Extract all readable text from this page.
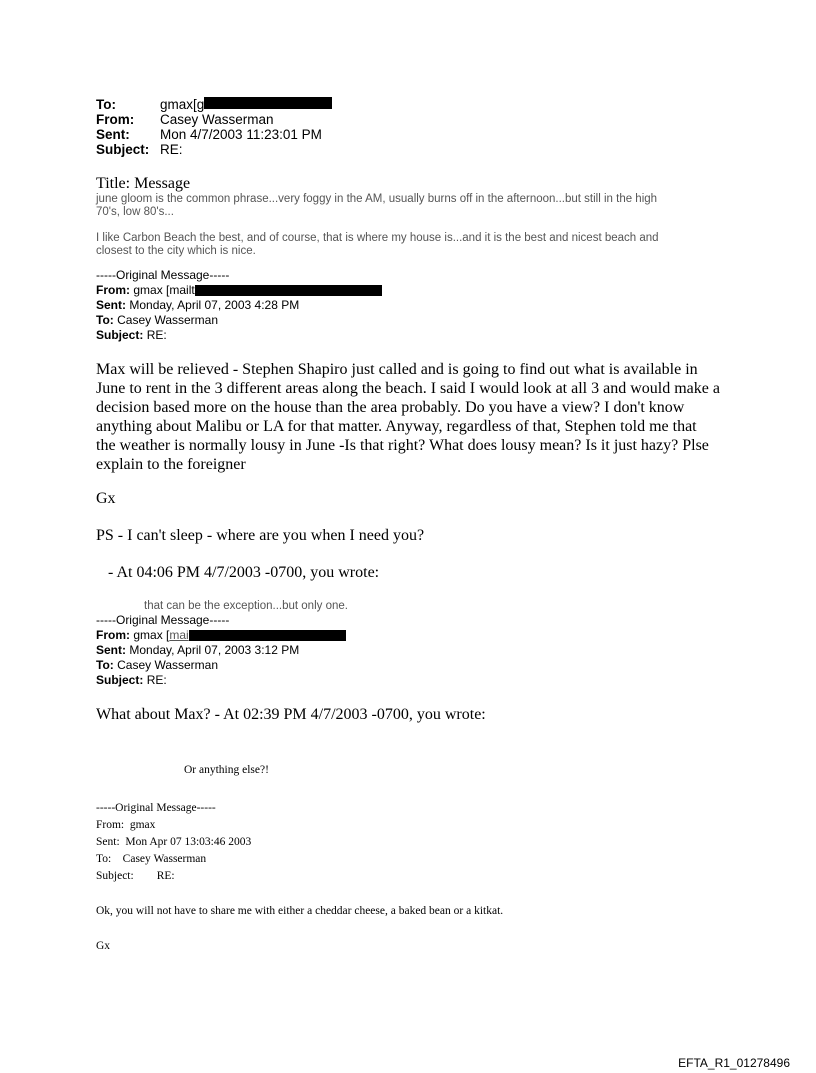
To:	gmax[g
From:	Casey Wasserman
Sent:	Mon 4/7/2003 11:23:01 PM
Subject: RE:
Title: Message
june gloom is the common phrase...very foggy in the AM, usually burns off in the afternoon...but still in the high
70's, low 80's...
I like Carbon Beach the best, and of course, that is where my house is...and it is the best and nicest beach and
closest to the city which is nice.
-----Original Message-----
From: gmax [mailt
Sent: Monday, April 07, 2003 4:28 PM
To: Casey Wasserman
Subject: RE:
Max will be relieved - Stephen Shapiro just called and is going to find out what is available in
June to rent in the 3 different areas along the beach. I said I would look at all 3 and would make a
decision based more on the house than the area probably. Do you have a view? I don't know
anything about Malibu or LA for that matter. Anyway, regardless of that, Stephen told me that
the weather is normally lousy in June -Is that right? What does lousy mean? Is it just hazy? Plse
explain to the foreigner
Gx
PS - I can't sleep - where are you when I need you?
- At 04:06 PM 4/7/2003 -0700, you wrote:
that can be the exception...but only one.
-----Original Message-----
From: gmax [mai
Sent: Monday, April 07, 2003 3:12 PM
To: Casey Wasserman
Subject: RE:
What about Max? - At 02:39 PM 4/7/2003 -0700, you wrote:
Or anything else?!
-----Original Message-----
From:  gmax
Sent:  Mon Apr 07 13:03:46 2003
To:    Casey Wasserman
Subject:        RE:
Ok, you will not have to share me with either a cheddar cheese, a baked bean or a kitkat.
Gx
EFTA_R1_01278496
